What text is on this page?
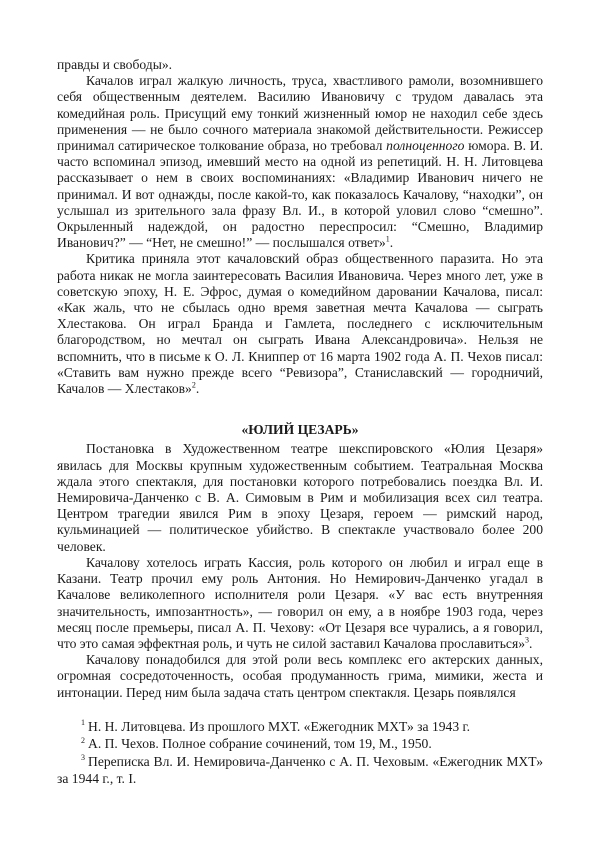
правды и свободы».

Качалов играл жалкую личность, труса, хвастливого рамоли, возомнившего себя общественным деятелем. Василию Ивановичу с трудом давалась эта комедийная роль. Присущий ему тонкий жизненный юмор не находил себе здесь применения — не было сочного материала знакомой действительности. Режиссер принимал сатирическое толкование образа, но требовал полноценного юмора. В. И. часто вспоминал эпизод, имевший место на одной из репетиций. Н. Н. Литовцева рассказывает о нем в своих воспоминаниях: «Владимир Иванович ничего не принимал. И вот однажды, после какой-то, как показалось Качалову, “находки”, он услышал из зрительного зала фразу Вл. И., в которой уловил слово “смешно”. Окрыленный надеждой, он радостно переспросил: “Смешно, Владимир Иванович?” — “Нет, не смешно!” — послышался ответ»$^1$.

Критика приняла этот качаловский образ общественного паразита. Но эта работа никак не могла заинтересовать Василия Ивановича. Через много лет, уже в советскую эпоху, Н. Е. Эфрос, думая о комедийном даровании Качалова, писал: «Как жаль, что не сбылась одно время заветная мечта Качалова — сыграть Хлестакова. Он играл Бранда и Гамлета, последнего с исключительным благородством, но мечтал он сыграть Ивана Александровича». Нельзя не вспомнить, что в письме к О. Л. Книппер от 16 марта 1902 года А. П. Чехов писал: «Ставить вам нужно прежде всего “Ревизора”, Станиславский — городничий, Качалов — Хлестаков»$^2$.

«ЮЛИЙ ЦЕЗАРЬ»

Постановка в Художественном театре шекспировского «Юлия Цезаря» явилась для Москвы крупным художественным событием. Театральная Москва ждала этого спектакля, для постановки которого потребовались поездка Вл. И. Немировича-Данченко с В. А. Симовым в Рим и мобилизация всех сил театра. Центром трагедии явился Рим в эпоху Цезаря, героем — римский народ, кульминацией — политическое убийство. В спектакле участвовало более 200 человек.

Качалову хотелось играть Кассия, роль которого он любил и играл еще в Казани. Театр прочил ему роль Антония. Но Немирович-Данченко угадал в Качалове великолепного исполнителя роли Цезаря. «У вас есть внутренняя значительность, импозантность», — говорил он ему, а в ноябре 1903 года, через месяц после премьеры, писал А. П. Чехову: «От Цезаря все чурались, а я говорил, что это самая эффектная роль, и чуть не силой заставил Качалова прославиться»$^3$.

Качалову понадобился для этой роли весь комплекс его актерских данных, огромная сосредоточенность, особая продуманность грима, мимики, жеста и интонации. Перед ним была задача стать центром спектакля. Цезарь появлялся

$^1$ Н. Н. Литовцева. Из прошлого МХТ. «Ежегодник МХТ» за 1943 г.

$^2$ А. П. Чехов. Полное собрание сочинений, том 19, М., 1950.

$^3$ Переписка Вл. И. Немировича-Данченко с А. П. Чеховым. «Ежегодник МХТ» за 1944 г., т. I.
